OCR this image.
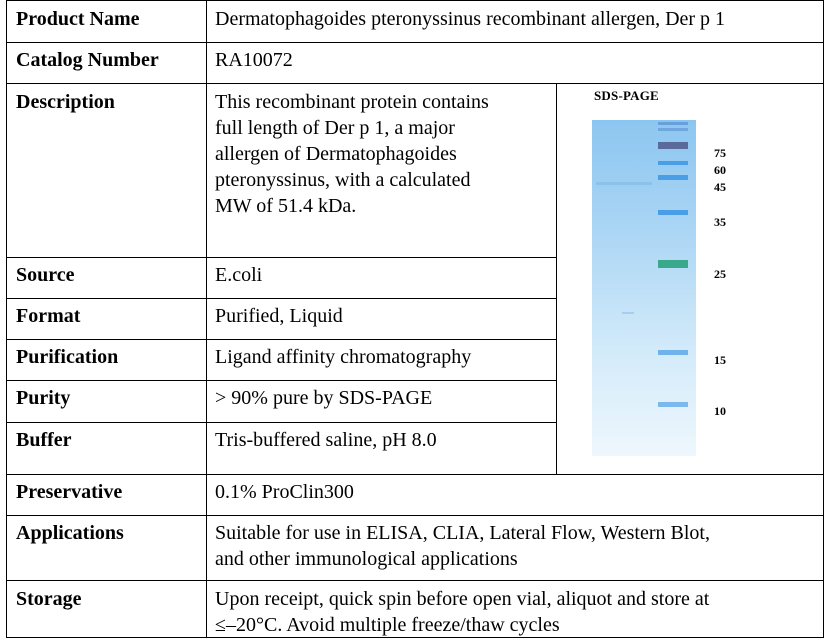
Product Name
Catalog Number
Description
Source
Format
Purification
Purity
Buffer
Preservative
Applications
Storage
Dermatophagoides pteronyssinus recombinant allergen, Der p 1
RA10072
This recombinant protein contains
full length of Der p 1, a major
allergen of Dermatophagoides
pteronyssinus, with a calculated
MW of 51.4 kDa.
E.coli
Purified, Liquid
Ligand affinity chromatography
> 90% pure by SDS-PAGE
Tris-buffered saline, pH 8.0
0.1% ProClin300
Suitable for use in ELISA, CLIA, Lateral Flow, Western Blot,
and other immunological applications
Upon receipt, quick spin before open vial, aliquot and store at
≤–20°C. Avoid multiple freeze/thaw cycles
SDS-PAGE
75
60
45
35
25
15
10
